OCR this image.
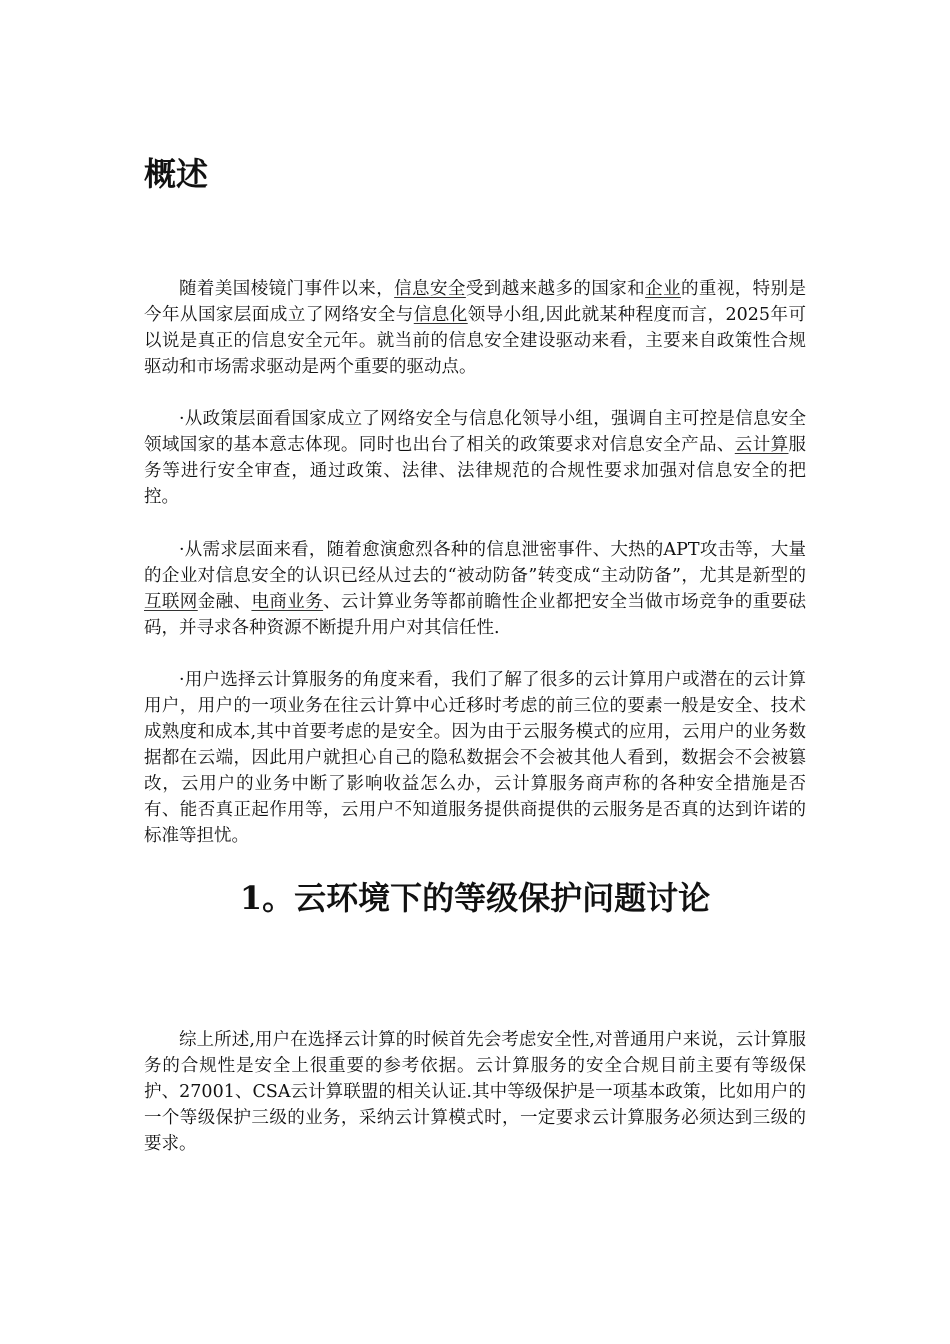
概述

随着美国棱镜门事件以来，信息安全受到越来越多的国家和企业的重视，特别是今年从国家层面成立了网络安全与信息化领导小组,因此就某种程度而言，2025年可以说是真正的信息安全元年。就当前的信息安全建设驱动来看，主要来自政策性合规驱动和市场需求驱动是两个重要的驱动点。

·从政策层面看国家成立了网络安全与信息化领导小组，强调自主可控是信息安全领域国家的基本意志体现。同时也出台了相关的政策要求对信息安全产品、云计算服务等进行安全审查，通过政策、法律、法律规范的合规性要求加强对信息安全的把控。

·从需求层面来看，随着愈演愈烈各种的信息泄密事件、大热的APT攻击等，大量的企业对信息安全的认识已经从过去的“被动防备”转变成“主动防备”，尤其是新型的互联网金融、电商业务、云计算业务等都前瞻性企业都把安全当做市场竞争的重要砝码，并寻求各种资源不断提升用户对其信任性.

·用户选择云计算服务的角度来看，我们了解了很多的云计算用户或潜在的云计算用户，用户的一项业务在往云计算中心迁移时考虑的前三位的要素一般是安全、技术成熟度和成本,其中首要考虑的是安全。因为由于云服务模式的应用，云用户的业务数据都在云端，因此用户就担心自己的隐私数据会不会被其他人看到，数据会不会被篡改，云用户的业务中断了影响收益怎么办，云计算服务商声称的各种安全措施是否有、能否真正起作用等，云用户不知道服务提供商提供的云服务是否真的达到许诺的标准等担忧。

1。云环境下的等级保护问题讨论

综上所述,用户在选择云计算的时候首先会考虑安全性,对普通用户来说，云计算服务的合规性是安全上很重要的参考依据。云计算服务的安全合规目前主要有等级保护、27001、CSA云计算联盟的相关认证.其中等级保护是一项基本政策，比如用户的一个等级保护三级的业务，采纳云计算模式时，一定要求云计算服务必须达到三级的要求。
